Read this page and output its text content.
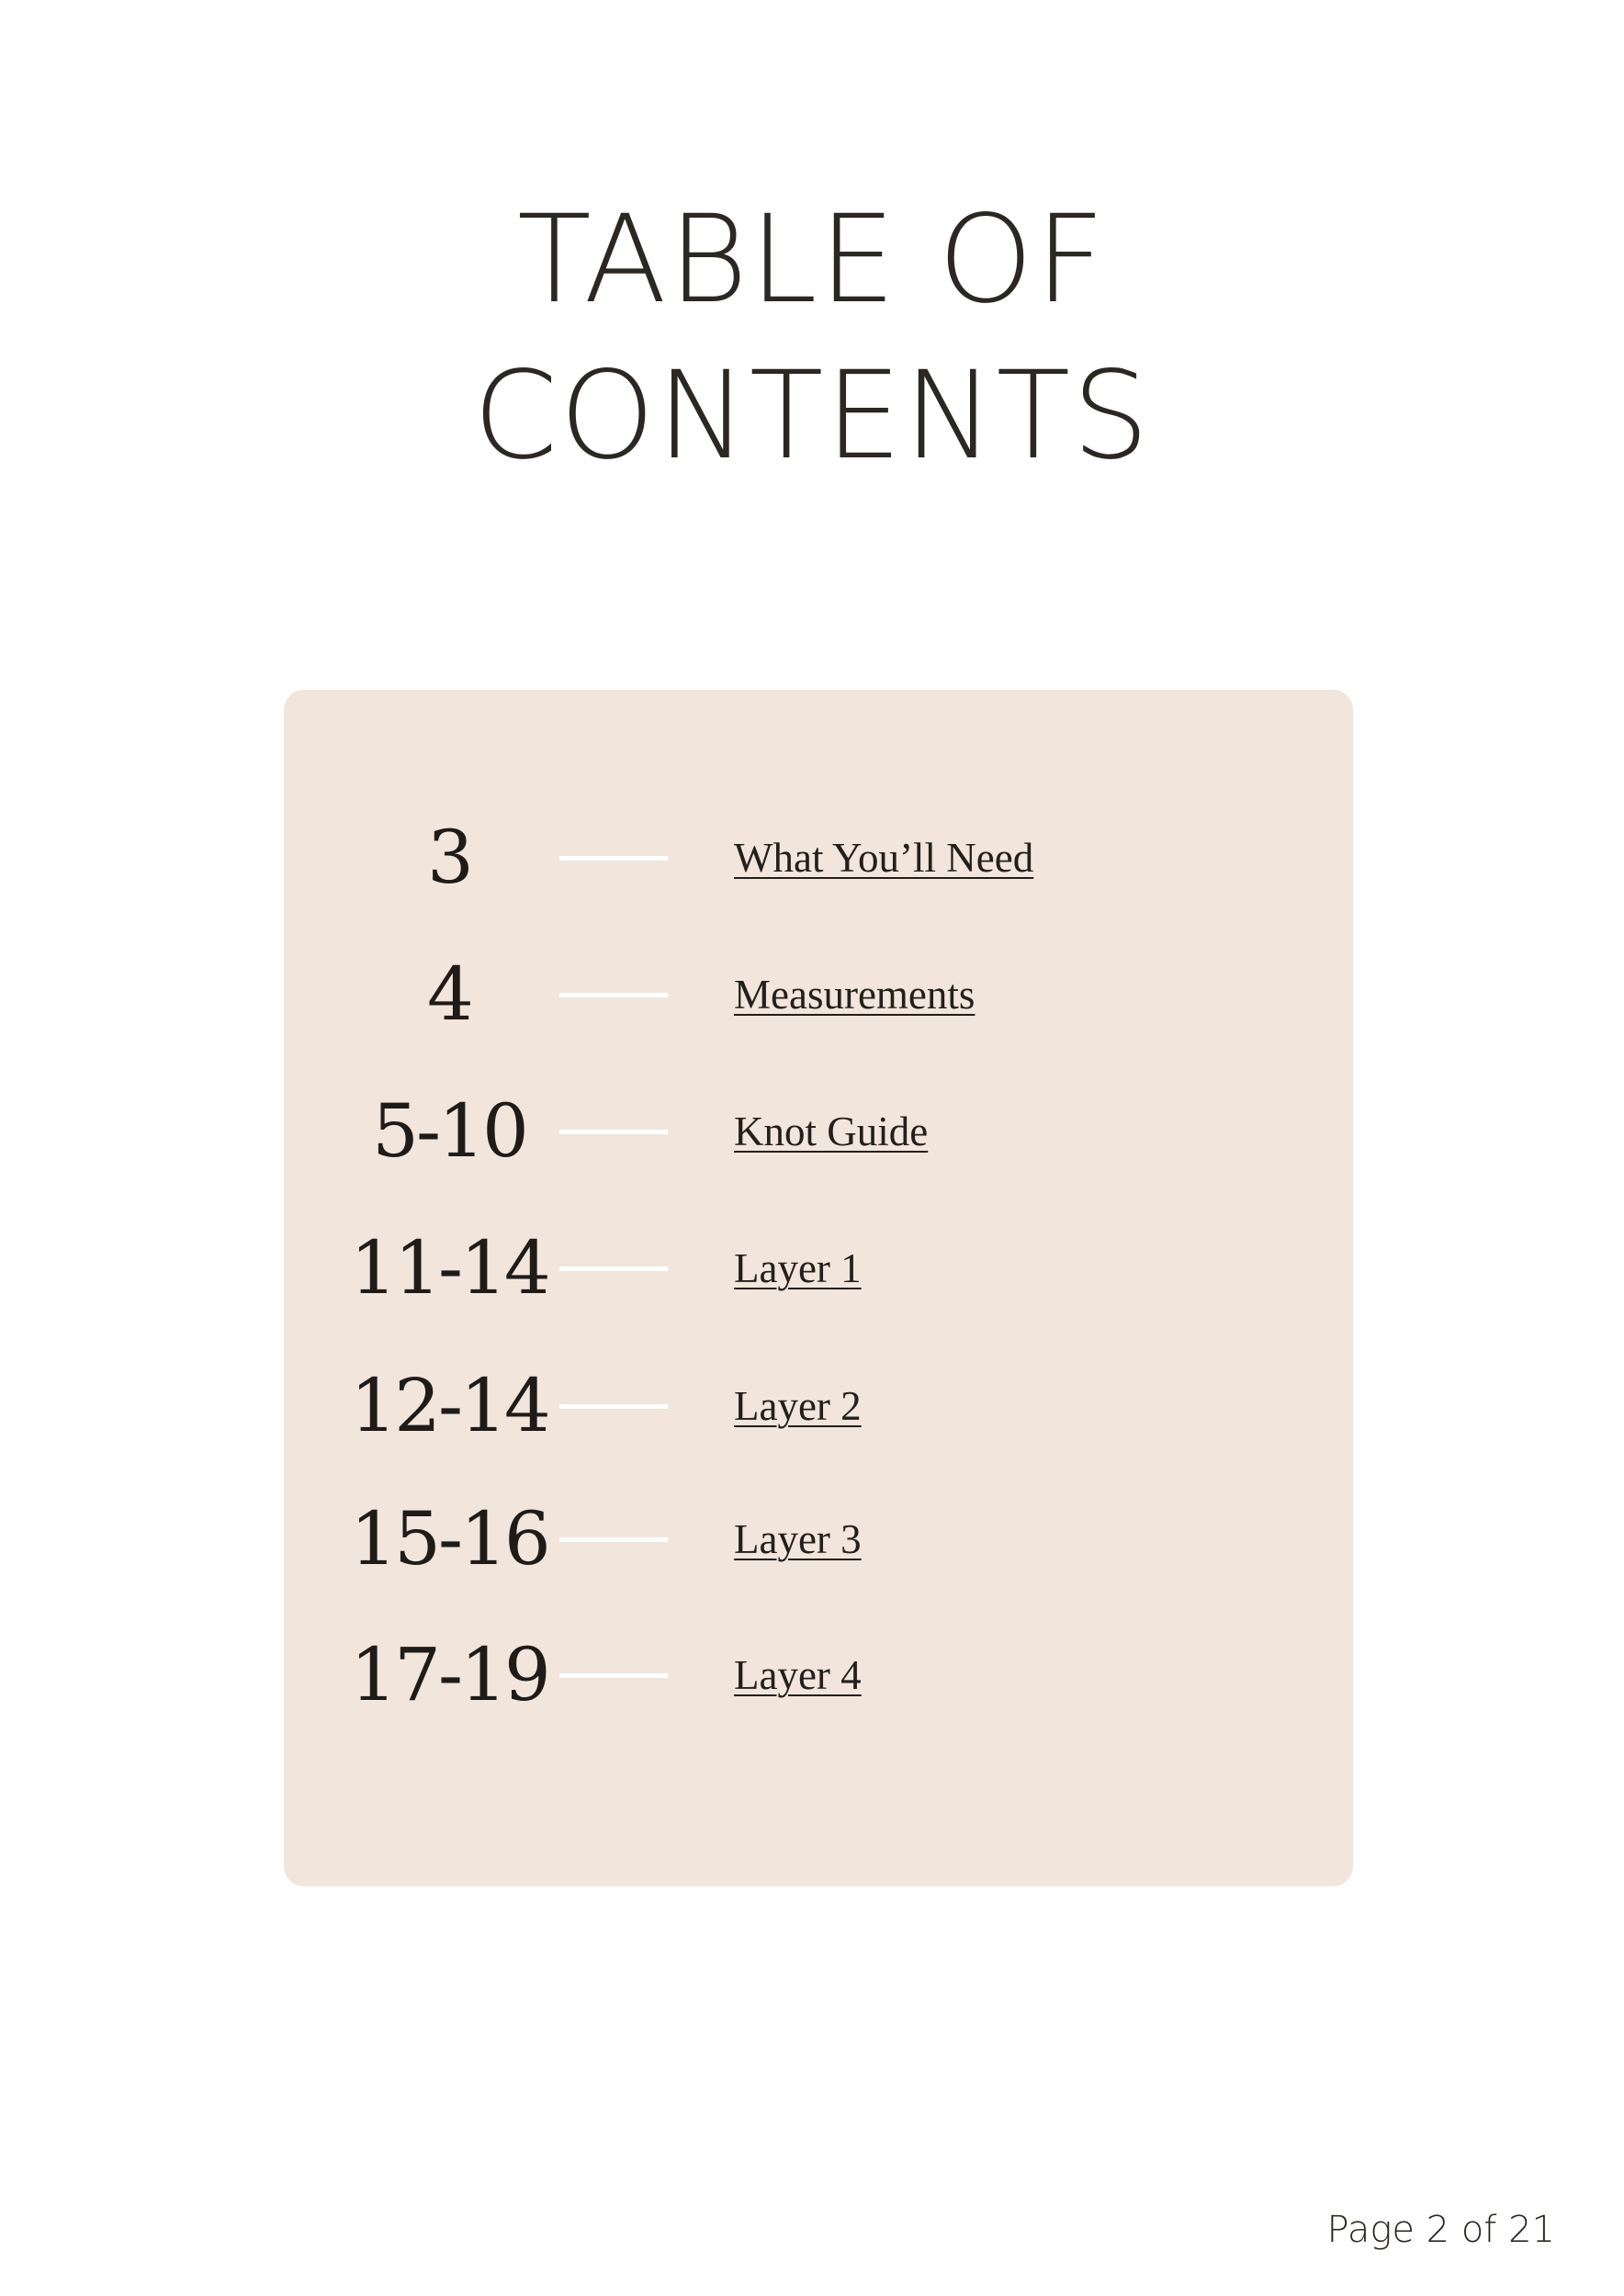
TABLE OF
CONTENTS
3	What You’ll Need
4	Measurements
5-10	Knot Guide
11-14	Layer 1
12-14	Layer 2
15-16	Layer 3
17-19	Layer 4
Page 2 of 21
